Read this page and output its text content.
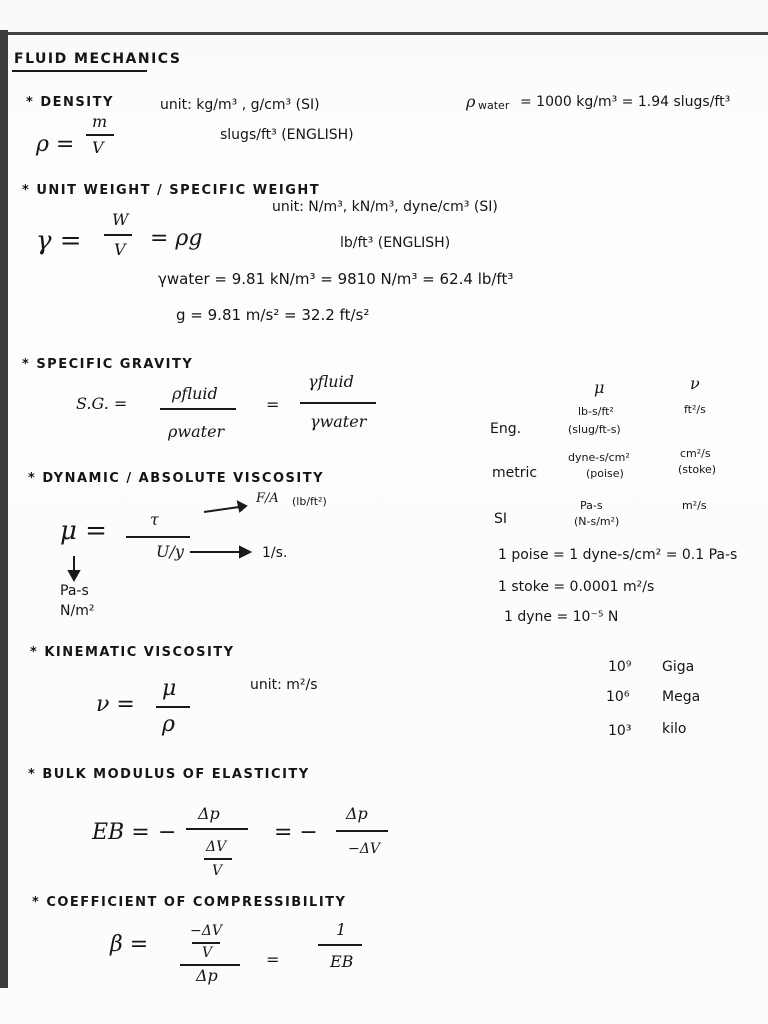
FLUID MECHANICS
* DENSITY
ρ =
m
V
unit: kg/m³ , g/cm³ (SI)
slugs/ft³ (ENGLISH)
ρ water = 1000 kg/m³ = 1.94 slugs/ft³
* UNIT WEIGHT / SPECIFIC WEIGHT
γ =
W
V = ρg
unit: N/m³, kN/m³, dyne/cm³ (SI)
lb/ft³ (ENGLISH)
γwater = 9.81 kN/m³ = 9810 N/m³ = 62.4 lb/ft³
g = 9.81 m/s² = 32.2 ft/s²
* SPECIFIC GRAVITY
S.G. =
ρfluid
ρwater
=
γfluid
γwater
μ	ν
Eng.
lb-s/ft²
(slug/ft-s)
ft²/s
metric
dyne-s/cm²
(poise)
cm²/s
(stoke)
SI
Pa-s
(N-s/m²)
m²/s
* DYNAMIC / ABSOLUTE VISCOSITY
μ =	τ
U/y
F/A (lb/ft²)
1/s.
Pa-s
N/m²
1 poise = 1 dyne-s/cm² = 0.1 Pa-s
1 stoke = 0.0001 m²/s
1 dyne = 10⁻⁵ N
* KINEMATIC VISCOSITY
ν =
μ
ρ
unit: m²/s
10⁹ Giga
10⁶ Mega
10³ kilo
* BULK MODULUS OF ELASTICITY
EB = −
Δp
ΔV
V
= −
Δp
−ΔV
* COEFFICIENT OF COMPRESSIBILITY
β =
−ΔV
V
Δp
=
1
EB
